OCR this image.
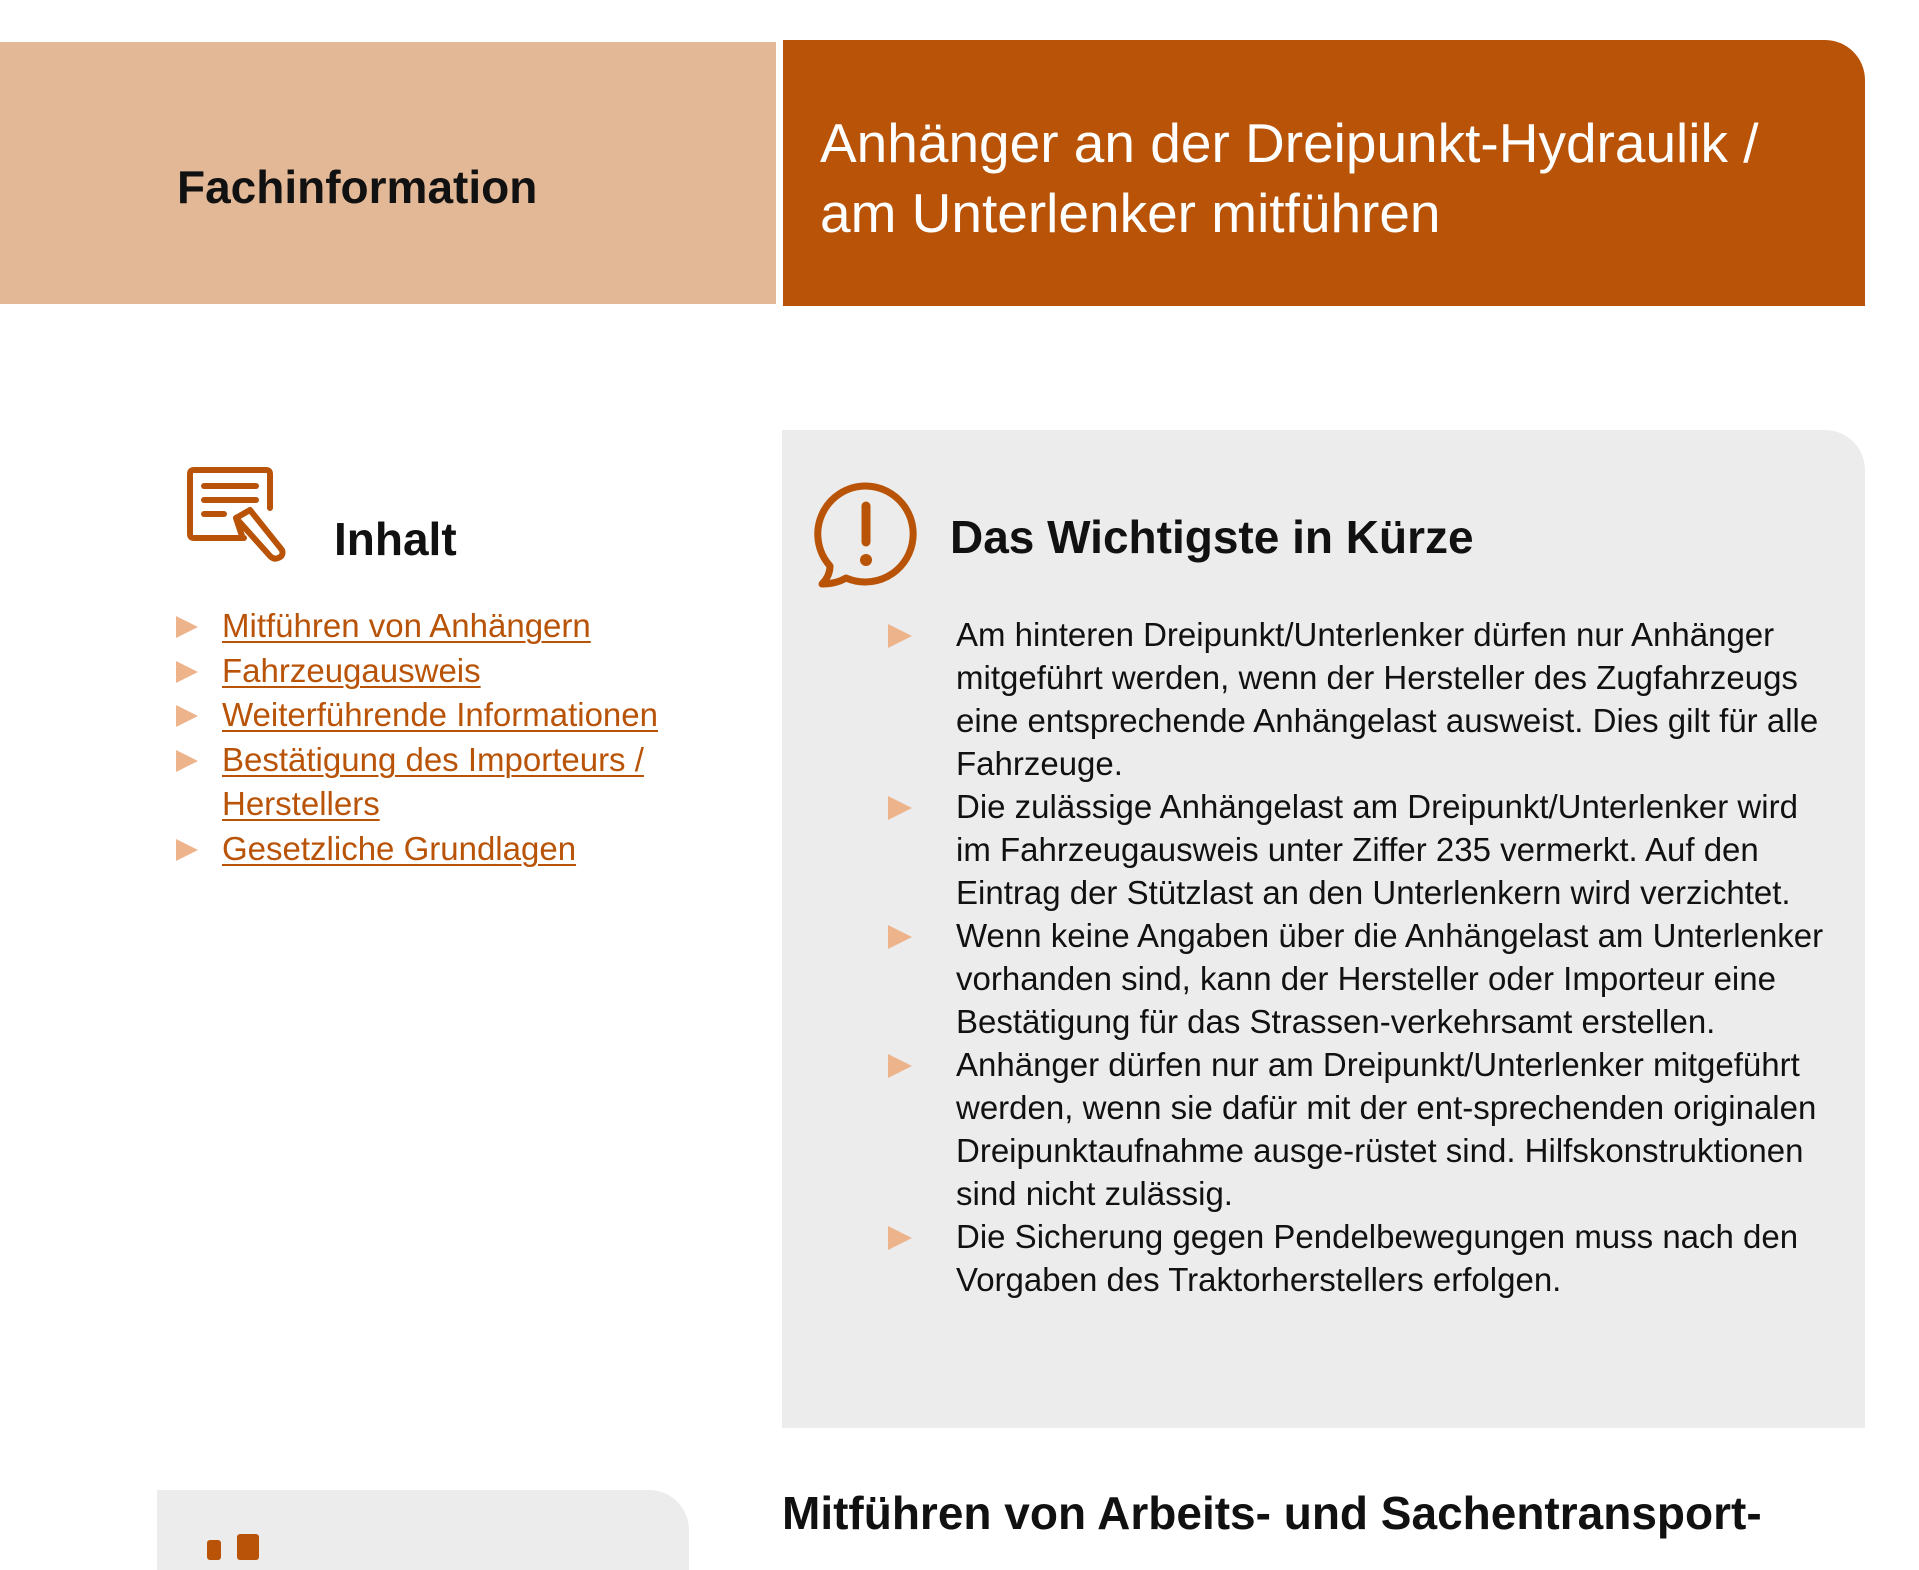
Fachinformation
Anhänger an der Dreipunkt-Hydraulik / am Unterlenker mitführen
Inhalt
Mitführen von Anhängern
Fahrzeugausweis
Weiterführende Informationen
Bestätigung des Importeurs / Herstellers
Gesetzliche Grundlagen
Das Wichtigste in Kürze
Am hinteren Dreipunkt/Unterlenker dürfen nur Anhänger mitgeführt werden, wenn der Hersteller des Zugfahrzeugs eine entsprechende Anhängelast ausweist. Dies gilt für alle Fahrzeuge.
Die zulässige Anhängelast am Dreipunkt/Unterlenker wird im Fahrzeugausweis unter Ziffer 235 vermerkt. Auf den Eintrag der Stützlast an den Unterlenkern wird verzichtet.
Wenn keine Angaben über die Anhängelast am Unterlenker vorhanden sind, kann der Hersteller oder Importeur eine Bestätigung für das Strassen-verkehrsamt erstellen.
Anhänger dürfen nur am Dreipunkt/Unterlenker mitgeführt werden, wenn sie dafür mit der ent-sprechenden originalen Dreipunktaufnahme ausge-rüstet sind. Hilfskonstruktionen sind nicht zulässig.
Die Sicherung gegen Pendelbewegungen muss nach den Vorgaben des Traktorherstellers erfolgen.
Mitführen von Arbeits- und Sachentransport-
